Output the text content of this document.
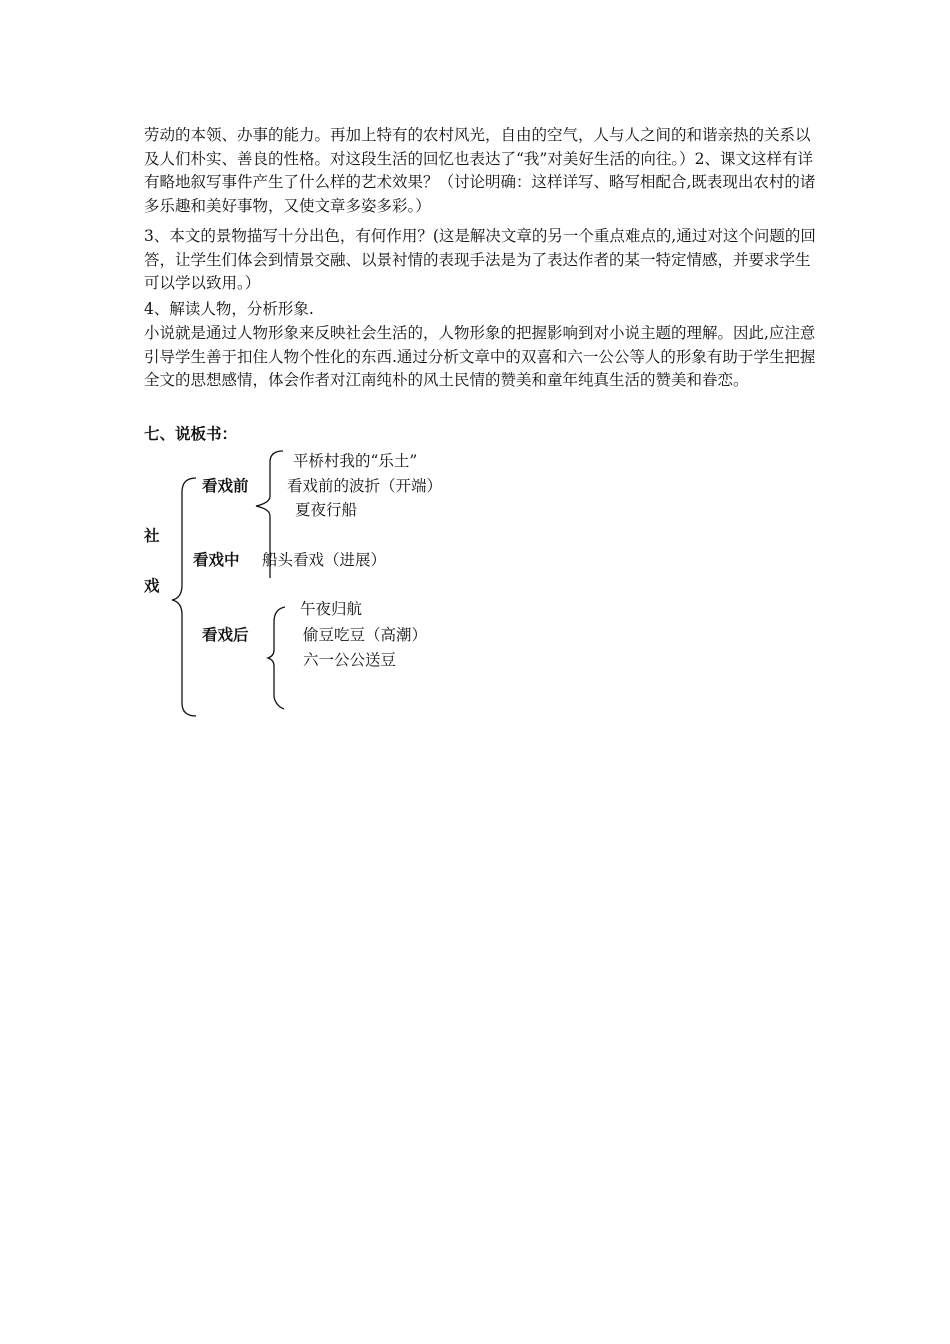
劳动的本领、办事的能力。再加上特有的农村风光，自由的空气，人与人之间的和谐亲热的关系以及人们朴实、善良的性格。对这段生活的回忆也表达了“我”对美好生活的向往。）2、课文这样有详有略地叙写事件产生了什么样的艺术效果？（讨论明确：这样详写、略写相配合,既表现出农村的诸多乐趣和美好事物，又使文章多姿多彩。）

3、本文的景物描写十分出色，有何作用？(这是解决文章的另一个重点难点的,通过对这个问题的回答，让学生们体会到情景交融、以景衬情的表现手法是为了表达作者的某一特定情感，并要求学生可以学以致用。）

4、解读人物，分析形象.

小说就是通过人物形象来反映社会生活的，人物形象的把握影响到对小说主题的理解。因此,应注意引导学生善于扣住人物个性化的东西.通过分析文章中的双喜和六一公公等人的形象有助于学生把握全文的思想感情，体会作者对江南纯朴的风土民情的赞美和童年纯真生活的赞美和眷恋。

七、说板书：
社
戏
看戏前
平桥村我的“乐土”
看戏前的波折（开端）
夏夜行船
看戏中 船头看戏（进展）
看戏后
午夜归航
偷豆吃豆（高潮）
六一公公送豆
